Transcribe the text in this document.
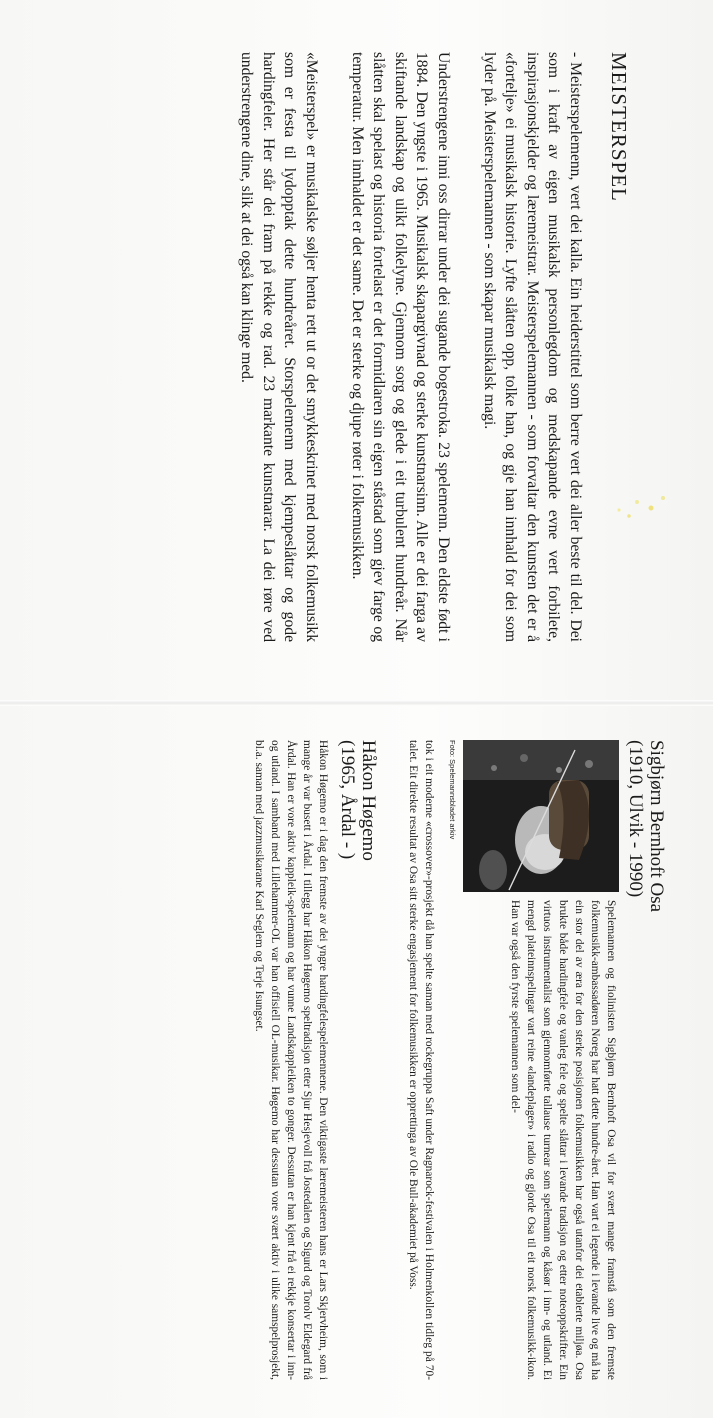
MEISTERSPEL

- Meisterspelemenn, vert dei kalla. Ein heiderstittel som berre vert dei aller beste til del. Dei som i kraft av eigen musikalsk personlegdom og medskapande evne vert forbilete, inspirasjonskjelder og læremeistrar. Meisterspelemannen - som forvaltar den kunsten det er å «fortelje» ei musikalsk historie. Lyfte slåtten opp, tolke han, og gje han innhald for dei som lyder på. Meisterspelemannen - som skapar musikalsk magi.

Understrengene inni oss dirrar under dei sugande bogestroka. 23 spelemenn. Den eldste født i 1884. Den yngste i 1965. Musikalsk skapargivnad og sterke kunstnarsinn. Alle er dei farga av skiftande landskap og ulikt folkelyne. Gjennom sorg og glede i eit turbulent hundreår. Når slåtten skal spelast og historia fortelast er det formidlaren sin eigen ståstad som gjev farge og temperatur. Men innhaldet er det same. Det er sterke og djupe røter i folkemusikken.

«Meisterspel» er musikalske søljer henta rett ut or det smykkeskrinet med norsk folkemusikk som er festa til lydopptak dette hundreåret. Storspelemenn med kjempeslåttar og gode hardingfeler. Her står dei fram på rekke og rad. 23 markante kunstnarar. La dei røre ved understrengene dine, slik at dei også kan klinge med.

Sigbjørn Bernhoft Osa
(1910, Ulvik - 1990)
Foto: Spelemannsbladet arkiv
Spelemannen og fiolinisten Sigbjørn Bernhoft Osa vil for svært mange framstå som den fremste folkemusikk-ambassadøren Noreg har hatt dette hundre-året. Han vart ei legende i levande live og må ha ein stor del av æra for den sterke posisjonen folkemusikken har også utanfor dei etablerte miljøa. Osa brukte både hardingfele og vanleg fele og spelte slåttar i levande tradisjon og etter noteoppskrifter. Ein virtuos instrumentalist som gjennomførte tallause turnear som spelemann og kåsør i inn- og utland. Ei mengd plateinnspelingar vart reine «landeplager» i radio og gjorde Osa til eit norsk folkemusikk-ikon. Han var også den fyrste spelemannen som del-
tok i eit moderne «crossover»-prosjekt då han spelte saman med rockegruppa Saft under Ragnarock-festivalen i Holmenkollen tidleg på 70-talet. Eit direkte resultat av Osa sitt sterke engasjement for folkemusikken er opprettinga av Ole Bull-akademiet på Voss.
Håkon Høgemo
(1965, Årdal - )
Håkon Høgemo er i dag den fremste av dei yngre hardingfelespelemennene. Den viktigaste læremeisteren hans er Lars Skjervheim, som i mange år var busett i Årdal. I tillegg har Håkon Høgemo speltradisjon etter Sjur Hesjevoll frå Jostedalen og Sigurd og Torolv Eldegard frå Årdal. Han er vore aktiv kappleik-spelemann og har vunne Landskappleiken to gonger. Dessutan er han kjent frå ei rekkje konsertar i inn- og utland. I samband med Lillehammer-OL var han offisiell OL-musikar. Høgemo har dessutan vore svært aktiv i ulike samspelprosjekt, bl.a. saman med jazzmusikarane Karl Seglem og Terje Isungset.
